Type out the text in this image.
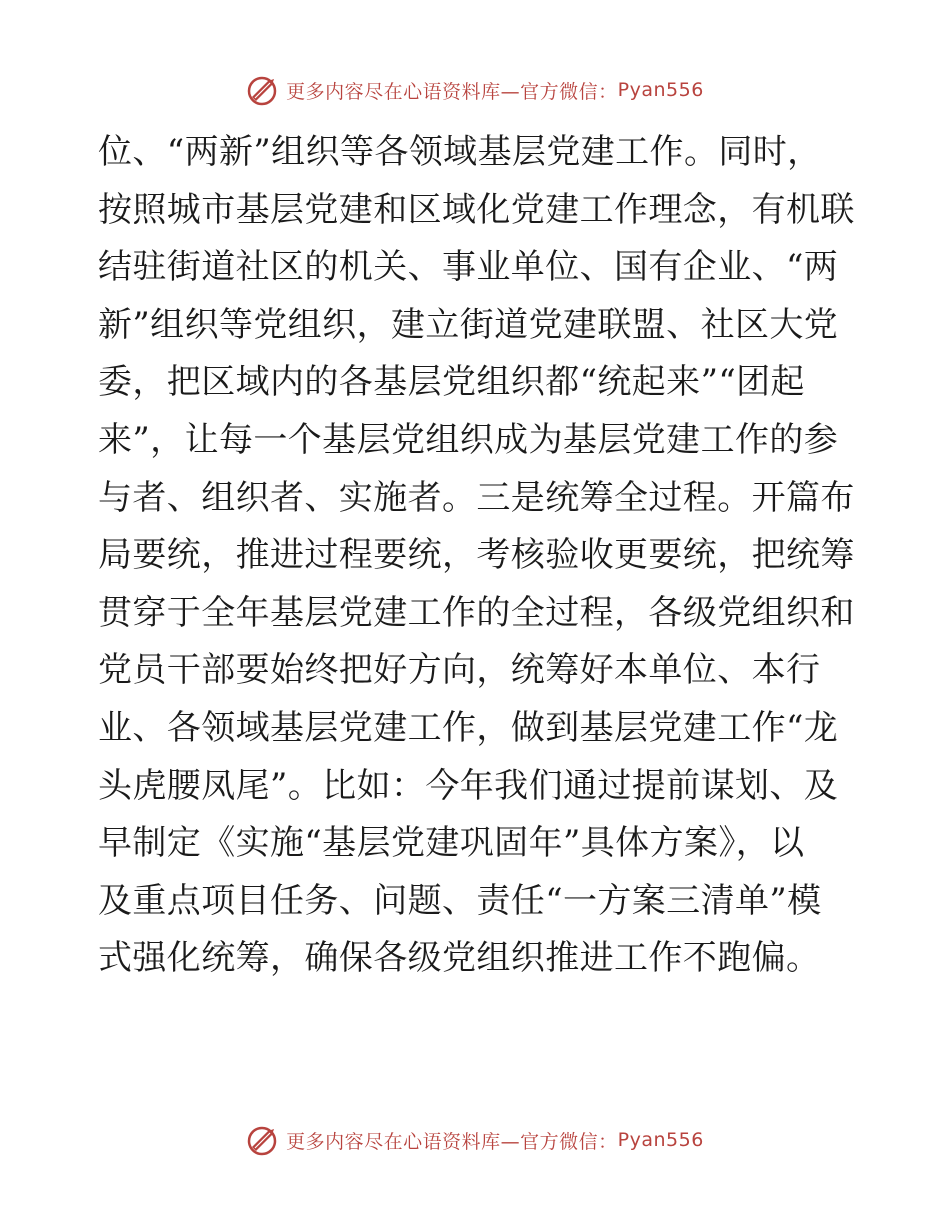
更多内容尽在心语资料库—官方微信： Pyan556
位、“两新”组织等各领域基层党建工作。同时，
按照城市基层党建和区域化党建工作理念，有机联
结驻街道社区的机关、事业单位、国有企业、“两
新”组织等党组织，建立街道党建联盟、社区大党
委，把区域内的各基层党组织都“统起来”“团起
来”，让每一个基层党组织成为基层党建工作的参
与者、组织者、实施者。三是统筹全过程。开篇布
局要统，推进过程要统，考核验收更要统，把统筹
贯穿于全年基层党建工作的全过程，各级党组织和
党员干部要始终把好方向，统筹好本单位、本行
业、各领域基层党建工作，做到基层党建工作“龙
头虎腰凤尾”。比如：今年我们通过提前谋划、及
早制定《实施“基层党建巩固年”具体方案》，以
及重点项目任务、问题、责任“一方案三清单”模
式强化统筹，确保各级党组织推进工作不跑偏。
更多内容尽在心语资料库—官方微信： Pyan556
